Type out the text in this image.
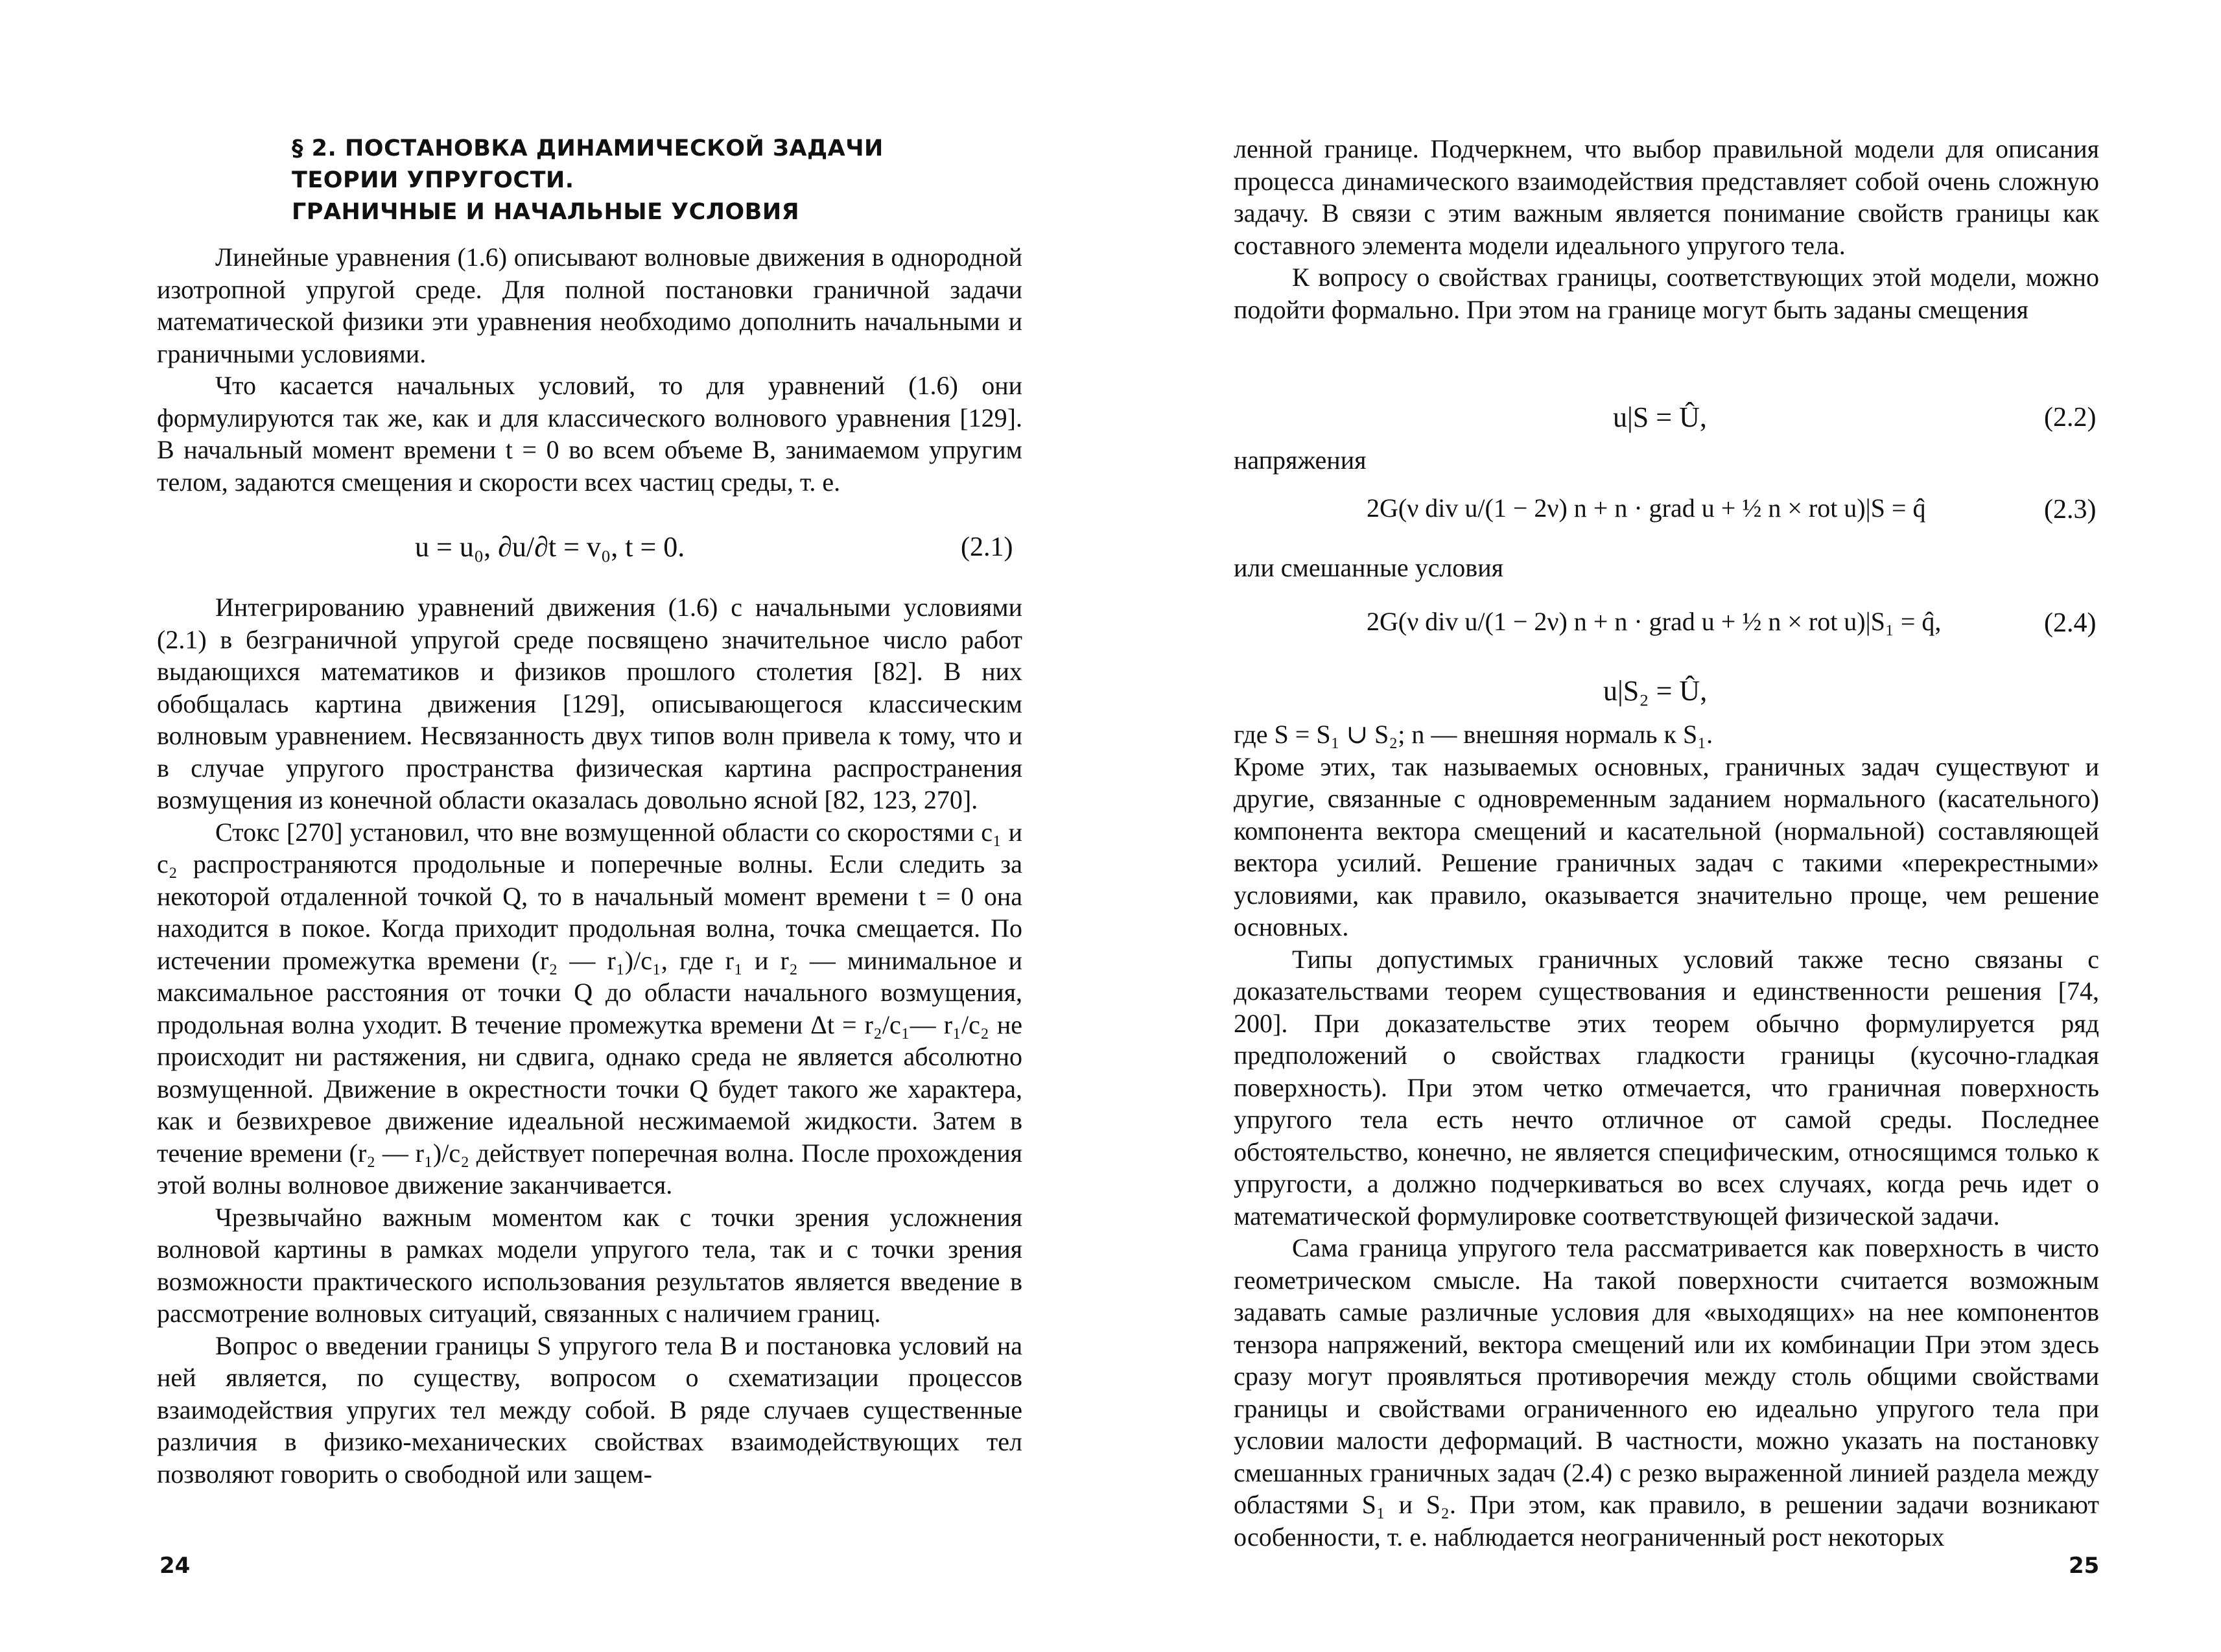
§ 2. ПОСТАНОВКА ДИНАМИЧЕСКОЙ ЗАДАЧИ
ТЕОРИИ УПРУГОСТИ.
ГРАНИЧНЫЕ И НАЧАЛЬНЫЕ УСЛОВИЯ

Линейные уравнения (1.6) описывают волновые движения в однородной изотропной упругой среде. Для полной постановки граничной задачи математической физики эти уравнения необходимо дополнить начальными и граничными условиями.

Что касается начальных условий, то для уравнений (1.6) они формулируются так же, как и для классического волнового уравнения [129]. В начальный момент времени t = 0 во всем объеме B, занимаемом упругим телом, задаются смещения и скорости всех частиц среды, т. е.

u = u₀, ∂u/∂t = v₀, t = 0.	(2.1)

Интегрированию уравнений движения (1.6) с начальными условиями (2.1) в безграничной упругой среде посвящено значительное число работ выдающихся математиков и физиков прошлого столетия [82]. В них обобщалась картина движения [129], описывающегося классическим волновым уравнением. Несвязанность двух типов волн привела к тому, что и в случае упругого пространства физическая картина распространения возмущения из конечной области оказалась довольно ясной [82, 123, 270].

Стокс [270] установил, что вне возмущенной области со скоростями c₁ и c₂ распространяются продольные и поперечные волны. Если следить за некоторой отдаленной точкой Q, то в начальный момент времени t = 0 она находится в покое. Когда приходит продольная волна, точка смещается. По истечении промежутка времени (r₂ — r₁)/c₁, где r₁ и r₂ — минимальное и максимальное расстояния от точки Q до области начального возмущения, продольная волна уходит. В течение промежутка времени Δt = r₂/c₁— r₁/c₂ не происходит ни растяжения, ни сдвига, однако среда не является абсолютно возмущенной. Движение в окрестности точки Q будет такого же характера, как и безвихревое движение идеальной несжимаемой жидкости. Затем в течение времени (r₂ — r₁)/c₂ действует поперечная волна. После прохождения этой волны волновое движение заканчивается.

Чрезвычайно важным моментом как с точки зрения усложнения волновой картины в рамках модели упругого тела, так и с точки зрения возможности практического использования результатов является введение в рассмотрение волновых ситуаций, связанных с наличием границ.

Вопрос о введении границы S упругого тела B и постановка условий на ней является, по существу, вопросом о схематизации процессов взаимодействия упругих тел между собой. В ряде случаев существенные различия в физико-механических свойствах взаимодействующих тел позволяют говорить о свободной или защем-

24

ленной границе. Подчеркнем, что выбор правильной модели для описания процесса динамического взаимодействия представляет собой очень сложную задачу. В связи с этим важным является понимание свойств границы как составного элемента модели идеального упругого тела.

К вопросу о свойствах границы, соответствующих этой модели, можно подойти формально. При этом на границе могут быть заданы смещения

u|S = Û,	(2.2)
напряжения
2G(ν div u/(1 − 2ν) n + n · grad u + ½ n × rot u)|S = q̂	(2.3)
или смешанные условия
2G(ν div u/(1 − 2ν) n + n · grad u + ½ n × rot u)|S₁ = q̂,	(2.4)
u|S₂ = Û,

где S = S₁ ∪ S₂; n — внешняя нормаль к S₁.

Кроме этих, так называемых основных, граничных задач существуют и другие, связанные с одновременным заданием нормального (касательного) компонента вектора смещений и касательной (нормальной) составляющей вектора усилий. Решение граничных задач с такими «перекрестными» условиями, как правило, оказывается значительно проще, чем решение основных.

Типы допустимых граничных условий также тесно связаны с доказательствами теорем существования и единственности решения [74, 200]. При доказательстве этих теорем обычно формулируется ряд предположений о свойствах гладкости границы (кусочно-гладкая поверхность). При этом четко отмечается, что граничная поверхность упругого тела есть нечто отличное от самой среды. Последнее обстоятельство, конечно, не является специфическим, относящимся только к упругости, а должно подчеркиваться во всех случаях, когда речь идет о математической формулировке соответствующей физической задачи.

Сама граница упругого тела рассматривается как поверхность в чисто геометрическом смысле. На такой поверхности считается возможным задавать самые различные условия для «выходящих» на нее компонентов тензора напряжений, вектора смещений или их комбинации При этом здесь сразу могут проявляться противоречия между столь общими свойствами границы и свойствами ограниченного ею идеально упругого тела при условии малости деформаций. В частности, можно указать на постановку смешанных граничных задач (2.4) с резко выраженной линией раздела между областями S₁ и S₂. При этом, как правило, в решении задачи возникают особенности, т. е. наблюдается неограниченный рост некоторых

25
